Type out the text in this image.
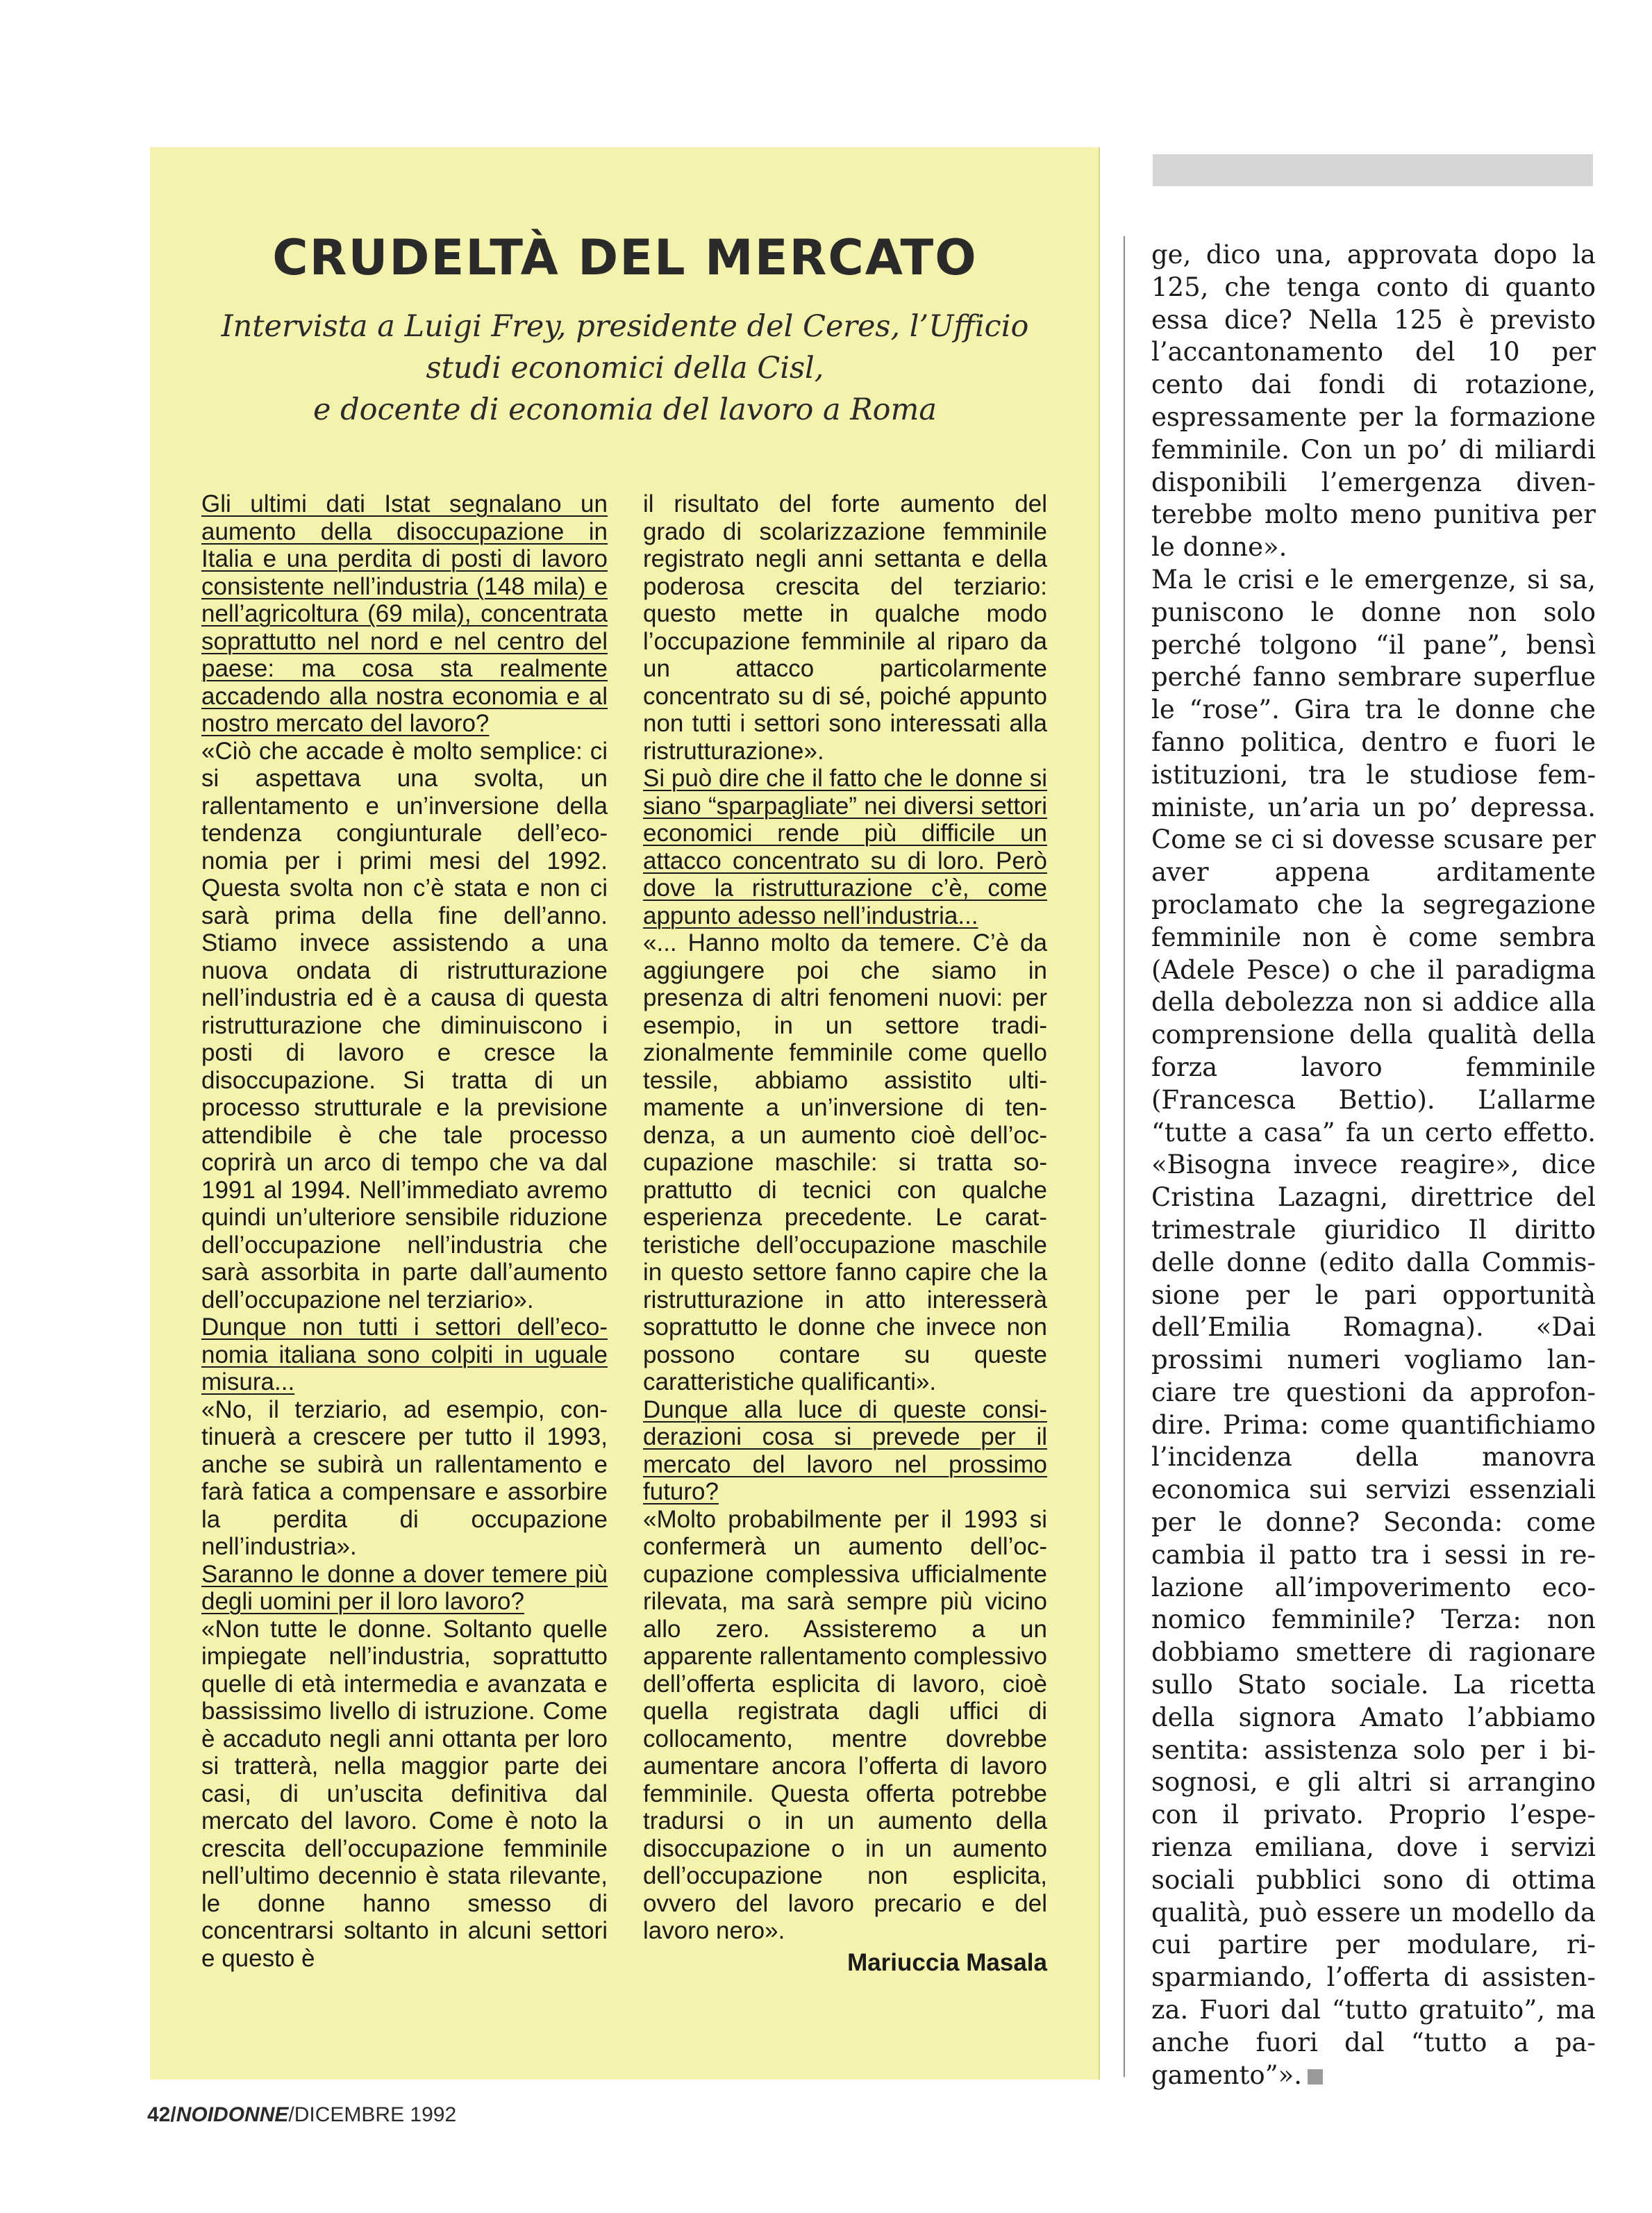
CRUDELTÀ DEL MERCATO
Intervista a Luigi Frey, presidente del Ceres, l’Ufficio
studi economici della Cisl,
e docente di economia del lavoro a Roma

Gli ultimi dati Istat segnalano un aumento della disoccupazione in Italia e una perdita di posti di lavoro consistente nell’industria (148 mila) e nell’agricoltura (69 mila), concentrata soprattutto nel nord e nel centro del paese: ma cosa sta realmente accadendo alla nostra economia e al nostro mercato del lavoro?

«Ciò che accade è molto semplice: ci si aspettava una svolta, un rallentamento e un’inversione della tendenza congiunturale dell’economia per i primi mesi del 1992. Questa svolta non c’è stata e non ci sarà prima della fine dell’anno. Stiamo invece assistendo a una nuova ondata di ristrutturazione nell’industria ed è a causa di questa ristrutturazione che diminuiscono i posti di lavoro e cresce la disoccupazione. Si tratta di un processo strutturale e la previsione attendibile è che tale processo coprirà un arco di tempo che va dal 1991 al 1994. Nell’immediato avremo quindi un’ulteriore sensibile riduzione dell’occupazione nell’industria che sarà assorbita in parte dall’aumento dell’occupazione nel terziario».

Dunque non tutti i settori dell’economia italiana sono colpiti in uguale misura...

«No, il terziario, ad esempio, continuerà a crescere per tutto il 1993, anche se subirà un rallentamento e farà fatica a compensare e assorbire la perdita di occupazione nell’industria».

Saranno le donne a dover temere più degli uomini per il loro lavoro?

«Non tutte le donne. Soltanto quelle impiegate nell’industria, soprattutto quelle di età intermedia e avanzata e bassissimo livello di istruzione. Come è accaduto negli anni ottanta per loro si tratterà, nella maggior parte dei casi, di un’uscita definitiva dal mercato del lavoro. Come è noto la crescita dell’occupazione femminile nell’ultimo decennio è stata rilevante, le donne hanno smesso di concentrarsi soltanto in alcuni settori e questo è

il risultato del forte aumento del grado di scolarizzazione femminile registrato negli anni settanta e della poderosa crescita del terziario: questo mette in qualche modo l’occupazione femminile al riparo da un attacco particolarmente concentrato su di sé, poiché appunto non tutti i settori sono interessati alla ristrutturazione».

Si può dire che il fatto che le donne si siano “sparpagliate” nei diversi settori economici rende più difficile un attacco concentrato su di loro. Però dove la ristrutturazione c’è, come appunto adesso nell’industria...

«... Hanno molto da temere. C’è da aggiungere poi che siamo in presenza di altri fenomeni nuovi: per esempio, in un settore tradizionalmente femminile come quello tessile, abbiamo assistito ultimamente a un’inversione di tendenza, a un aumento cioè dell’occupazione maschile: si tratta soprattutto di tecnici con qualche esperienza precedente. Le caratteristiche dell’occupazione maschile in questo settore fanno capire che la ristrutturazione in atto interesserà soprattutto le donne che invece non possono contare su queste caratteristiche qualificanti».

Dunque alla luce di queste considerazioni cosa si prevede per il mercato del lavoro nel prossimo futuro?

«Molto probabilmente per il 1993 si confermerà un aumento dell’occupazione complessiva ufficialmente rilevata, ma sarà sempre più vicino allo zero. Assisteremo a un apparente rallentamento complessivo dell’offerta esplicita di lavoro, cioè quella registrata dagli uffici di collocamento, mentre dovrebbe aumentare ancora l’offerta di lavoro femminile. Questa offerta potrebbe tradursi o in un aumento della disoccupazione o in un aumento dell’occupazione non esplicita, ovvero del lavoro precario e del lavoro nero».

Mariuccia Masala

ge, dico una, approvata dopo la 125, che tenga conto di quanto essa dice? Nella 125 è previsto l’accantonamento del 10 per cento dai fondi di rotazione, espressamente per la formazione femminile. Con un po’ di miliardi disponibili l’emergenza diventerebbe molto meno punitiva per le donne».

Ma le crisi e le emergenze, si sa, puniscono le donne non solo perché tolgono “il pane”, bensì perché fanno sembrare superflue le “rose”. Gira tra le donne che fanno politica, dentro e fuori le istituzioni, tra le studiose femministe, un’aria un po’ depressa. Come se ci si dovesse scusare per aver appena arditamente proclamato che la segregazione femminile non è come sembra (Adele Pesce) o che il paradigma della debolezza non si addice alla comprensione della qualità della forza lavoro femminile (Francesca Bettio). L’allarme “tutte a casa” fa un certo effetto. «Bisogna invece reagire», dice Cristina Lazagni, direttrice del trimestrale giuridico Il diritto delle donne (edito dalla Commissione per le pari opportunità dell’Emilia Romagna). «Dai prossimi numeri vogliamo lanciare tre questioni da approfondire. Prima: come quantifichiamo l’incidenza della manovra economica sui servizi essenziali per le donne? Seconda: come cambia il patto tra i sessi in relazione all’impoverimento economico femminile? Terza: non dobbiamo smettere di ragionare sullo Stato sociale. La ricetta della signora Amato l’abbiamo sentita: assistenza solo per i bisognosi, e gli altri si arrangino con il privato. Proprio l’esperienza emiliana, dove i servizi sociali pubblici sono di ottima qualità, può essere un modello da cui partire per modulare, risparmiando, l’offerta di assistenza. Fuori dal “tutto gratuito”, ma anche fuori dal “tutto a pagamento”».

42/NOIDONNE/DICEMBRE 1992
